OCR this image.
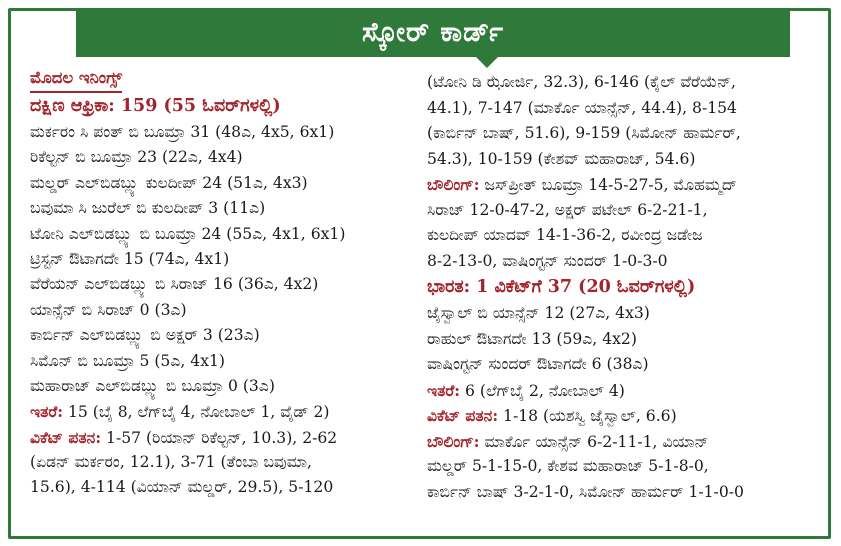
ಸ್ಕೋರ್ ಕಾರ್ಡ್
ಮೊದಲ ಇನಿಂಗ್ಸ್
ದಕ್ಷಿಣ ಆಫ್ರಿಕಾ: 159 (55 ಓವರ್‌ಗಳಲ್ಲಿ)
ಮರ್ಕರಂ ಸಿ ಪಂತ್ ಬಿ ಬೂಮ್ರಾ 31 (48ಎ, 4x5, 6x1)
ರಿಕೆಲ್ಟನ್ ಬಿ ಬೂಮ್ರಾ 23 (22ಎ, 4x4)
ಮಲ್ಡರ್ ಎಲ್‌ಬಿಡಬ್ಲ್ಯು ಕುಲದೀಪ್ 24 (51ಎ, 4x3)
ಬವುಮಾ ಸಿ ಜುರೆಲ್ ಬಿ ಕುಲದೀಪ್ 3 (11ಎ)
ಟೋನಿ ಎಲ್‌ಬಿಡಬ್ಲ್ಯು ಬಿ ಬೂಮ್ರಾ 24 (55ಎ, 4x1, 6x1)
ಟ್ರಿಸ್ಟನ್ ಔಟಾಗದೇ 15 (74ಎ, 4x1)
ವೆರೆಯನ್ ಎಲ್‌ಬಿಡಬ್ಲ್ಯು ಬಿ ಸಿರಾಜ್ 16 (36ಎ, 4x2)
ಯಾನ್ಸೆನ್ ಬಿ ಸಿರಾಜ್ 0 (3ಎ)
ಕಾರ್ಬಿನ್ ಎಲ್‌ಬಿಡಬ್ಲ್ಯು ಬಿ ಅಕ್ಷರ್ 3 (23ಎ)
ಸಿಮೊನ್ ಬಿ ಬೂಮ್ರಾ 5 (5ಎ, 4x1)
ಮಹಾರಾಜ್ ಎಲ್‌ಬಿಡಬ್ಲ್ಯು ಬಿ ಬೂಮ್ರಾ 0 (3ಎ)
ಇತರೆ: 15 (ಬೈ 8, ಲೆಗ್‌ಬೈ 4, ನೋಬಾಲ್ 1, ವೈಡ್ 2)
ವಿಕೆಟ್ ಪತನ: 1-57 (ರಿಯಾನ್ ರಿಕೆಲ್ಟನ್, 10.3), 2-62
(ಏಡನ್ ಮರ್ಕರಂ, 12.1), 3-71 (ತೆಂಬಾ ಬವುಮಾ,
15.6), 4-114 (ವಿಯಾನ್ ಮಲ್ಡರ್, 29.5), 5-120
(ಟೋನಿ ಡಿ ಝೋರ್ಜಿ, 32.3), 6-146 (ಕೈಲ್ ವೆರೆಯೆನ್,
44.1), 7-147 (ಮಾರ್ಕೊ ಯಾನ್ಸೆನ್, 44.4), 8-154
(ಕಾರ್ಬಿನ್ ಬಾಷ್, 51.6), 9-159 (ಸಿಮೋನ್ ಹಾರ್ಮರ್,
54.3), 10-159 (ಕೇಶವ್ ಮಹಾರಾಜ್, 54.6)
ಬೌಲಿಂಗ್: ಜಸ್‌ಪ್ರೀತ್ ಬೂಮ್ರಾ 14-5-27-5, ಮೊಹಮ್ಮದ್
ಸಿರಾಜ್ 12-0-47-2, ಅಕ್ಷರ್ ಪಟೇಲ್ 6-2-21-1,
ಕುಲದೀಪ್ ಯಾದವ್ 14-1-36-2, ರವೀಂದ್ರ ಜಡೇಜ
8-2-13-0, ವಾಷಿಂಗ್ಟನ್ ಸುಂದರ್ 1-0-3-0
ಭಾರತ: 1 ವಿಕೆಟ್‌ಗೆ 37 (20 ಓವರ್‌ಗಳಲ್ಲಿ)
ಜೈಸ್ವಾಲ್ ಬಿ ಯಾನ್ಸೆನ್ 12 (27ಎ, 4x3)
ರಾಹುಲ್ ಔಟಾಗದೇ 13 (59ಎ, 4x2)
ವಾಷಿಂಗ್ಟನ್ ಸುಂದರ್ ಔಟಾಗದೇ 6 (38ಎ)
ಇತರೆ: 6 (ಲೆಗ್‌ಬೈ 2, ನೋಬಾಲ್ 4)
ವಿಕೆಟ್ ಪತನ: 1-18 (ಯಶಸ್ವಿ ಜೈಸ್ವಾಲ್, 6.6)
ಬೌಲಿಂಗ್: ಮಾರ್ಕೊ ಯಾನ್ಸೆನ್ 6-2-11-1, ವಿಯಾನ್
ಮಲ್ಡರ್ 5-1-15-0, ಕೇಶವ ಮಹಾರಾಜ್ 5-1-8-0,
ಕಾರ್ಬಿನ್ ಬಾಷ್ 3-2-1-0, ಸಿಮೋನ್ ಹಾರ್ಮರ್ 1-1-0-0
